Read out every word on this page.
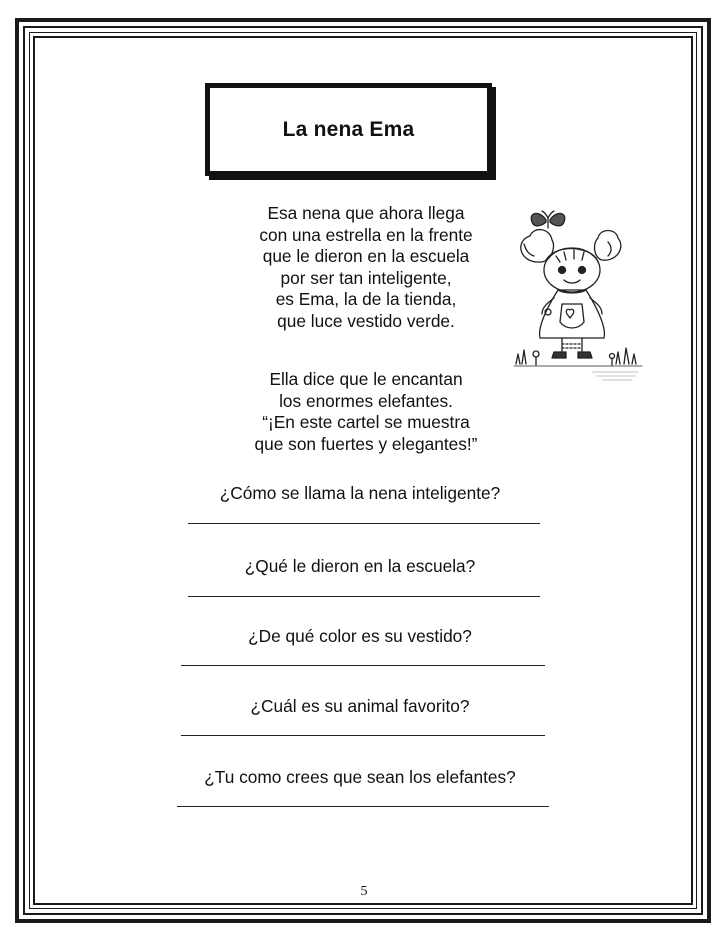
La nena Ema
Esa nena que ahora llega
con una estrella en la frente
que le dieron en la escuela
por ser tan inteligente,
es Ema, la de la tienda,
que luce vestido verde.
Ella dice que le encantan
los enormes elefantes.
“¡En este cartel se muestra
que son fuertes y elegantes!”
¿Cómo se llama la nena inteligente?
¿Qué le dieron en la escuela?
¿De qué color es su vestido?
¿Cuál es su animal favorito?
¿Tu como crees que sean los elefantes?
5
